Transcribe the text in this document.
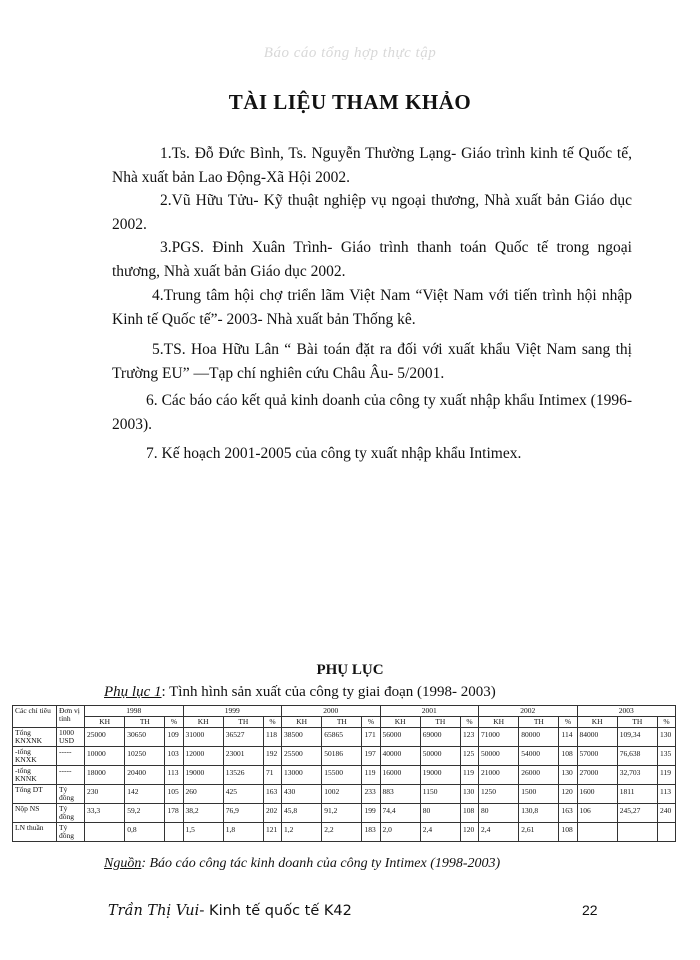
Báo cáo tổng hợp thực tập
TÀI LIỆU THAM KHẢO

1.Ts. Đỗ Đức Bình, Ts. Nguyễn Thường Lạng- Giáo trình kinh tế Quốc tế, Nhà xuất bản Lao Động-Xã Hội 2002.

2.Vũ Hữu Tửu- Kỹ thuật nghiệp vụ ngoại thương, Nhà xuất bản Giáo dục 2002.

3.PGS. Đinh Xuân Trình- Giáo trình thanh toán Quốc tế trong ngoại thương, Nhà xuất bản Giáo dục 2002.

4.Trung tâm hội chợ triển lãm Việt Nam “Việt Nam với tiến trình hội nhập Kinh tế Quốc tế”- 2003- Nhà xuất bản Thống kê.

5.TS. Hoa Hữu Lân “ Bài toán đặt ra đối với xuất khẩu Việt Nam sang thị Trường EU” —Tạp chí nghiên cứu Châu Âu- 5/2001.

6. Các báo cáo kết quả kinh doanh của công ty xuất nhập khẩu Intimex (1996-2003).

7. Kế hoạch 2001-2005 của công ty xuất nhập khẩu Intimex.

PHỤ LỤC
Phụ lục 1: Tình hình sản xuất của công ty giai đoạn (1998- 2003)
Các chỉ tiêu	Đơn vị tính	1998			1999			2000			2001			2002			2003		
		KH	TH	%	KH	TH	%	KH	TH	%	KH	TH	%	KH	TH	%	KH	TH	%
Tổng KNXNK	1000 USD	25000	30650	109	31000	36527	118	38500	65865	171	56000	69000	123	71000	80000	114	84000	109,34	130
-tổng KNXK	-----	10000	10250	103	12000	23001	192	25500	50186	197	40000	50000	125	50000	54000	108	57000	76,638	135
-tổng KNNK	-----	18000	20400	113	19000	13526	71	13000	15500	119	16000	19000	119	21000	26000	130	27000	32,703	119
Tổng DT	Tỷ đồng	230	142	105	260	425	163	430	1002	233	883	1150	130	1250	1500	120	1600	1811	113
Nộp NS	Tỷ đồng	33,3	59,2	178	38,2	76,9	202	45,8	91,2	199	74,4	80	108	80	130,8	163	106	245,27	240
LN thuần	Tỷ đồng		0,8		1,5	1,8	121	1,2	2,2	183	2,0	2,4	120	2,4	2,61	108			
Nguồn: Báo cáo công tác kinh doanh của công ty Intimex (1998-2003)
Trần Thị Vui- Kinh tế quốc tế K42	22
